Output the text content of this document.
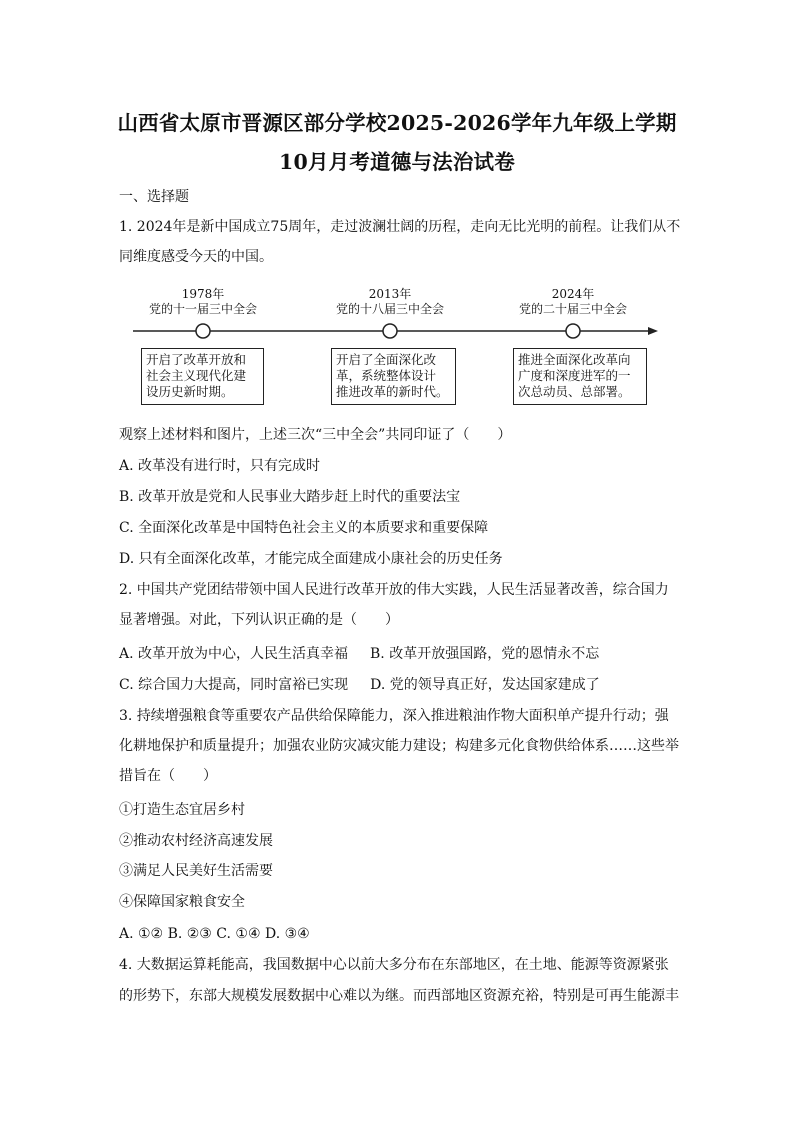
山西省太原市晋源区部分学校2025-2026学年九年级上学期
10月月考道德与法治试卷
一、选择题
1. 2024年是新中国成立75周年，走过波澜壮阔的历程，走向无比光明的前程。让我们从不
同维度感受今天的中国。
1978年
党的十一届三中全会
2013年
党的十八届三中全会
2024年
党的二十届三中全会
开启了改革开放和
社会主义现代化建
设历史新时期。
开启了全面深化改
革，系统整体设计
推进改革的新时代。
推进全面深化改革向
广度和深度进军的一
次总动员、总部署。
观察上述材料和图片，上述三次“三中全会”共同印证了（　　）
A. 改革没有进行时，只有完成时
B. 改革开放是党和人民事业大踏步赶上时代的重要法宝
C. 全面深化改革是中国特色社会主义的本质要求和重要保障
D. 只有全面深化改革，才能完成全面建成小康社会的历史任务
2. 中国共产党团结带领中国人民进行改革开放的伟大实践，人民生活显著改善，综合国力
显著增强。对此，下列认识正确的是（　　）
A. 改革开放为中心，人民生活真幸福 B. 改革开放强国路，党的恩情永不忘
C. 综合国力大提高，同时富裕已实现 D. 党的领导真正好，发达国家建成了
3. 持续增强粮食等重要农产品供给保障能力，深入推进粮油作物大面积单产提升行动；强
化耕地保护和质量提升；加强农业防灾减灾能力建设；构建多元化食物供给体系……这些举
措旨在（　　）
①打造生态宜居乡村
②推动农村经济高速发展
③满足人民美好生活需要
④保障国家粮食安全
A. ①② B. ②③ C. ①④ D. ③④
4. 大数据运算耗能高，我国数据中心以前大多分布在东部地区，在土地、能源等资源紧张
的形势下，东部大规模发展数据中心难以为继。而西部地区资源充裕，特别是可再生能源丰
